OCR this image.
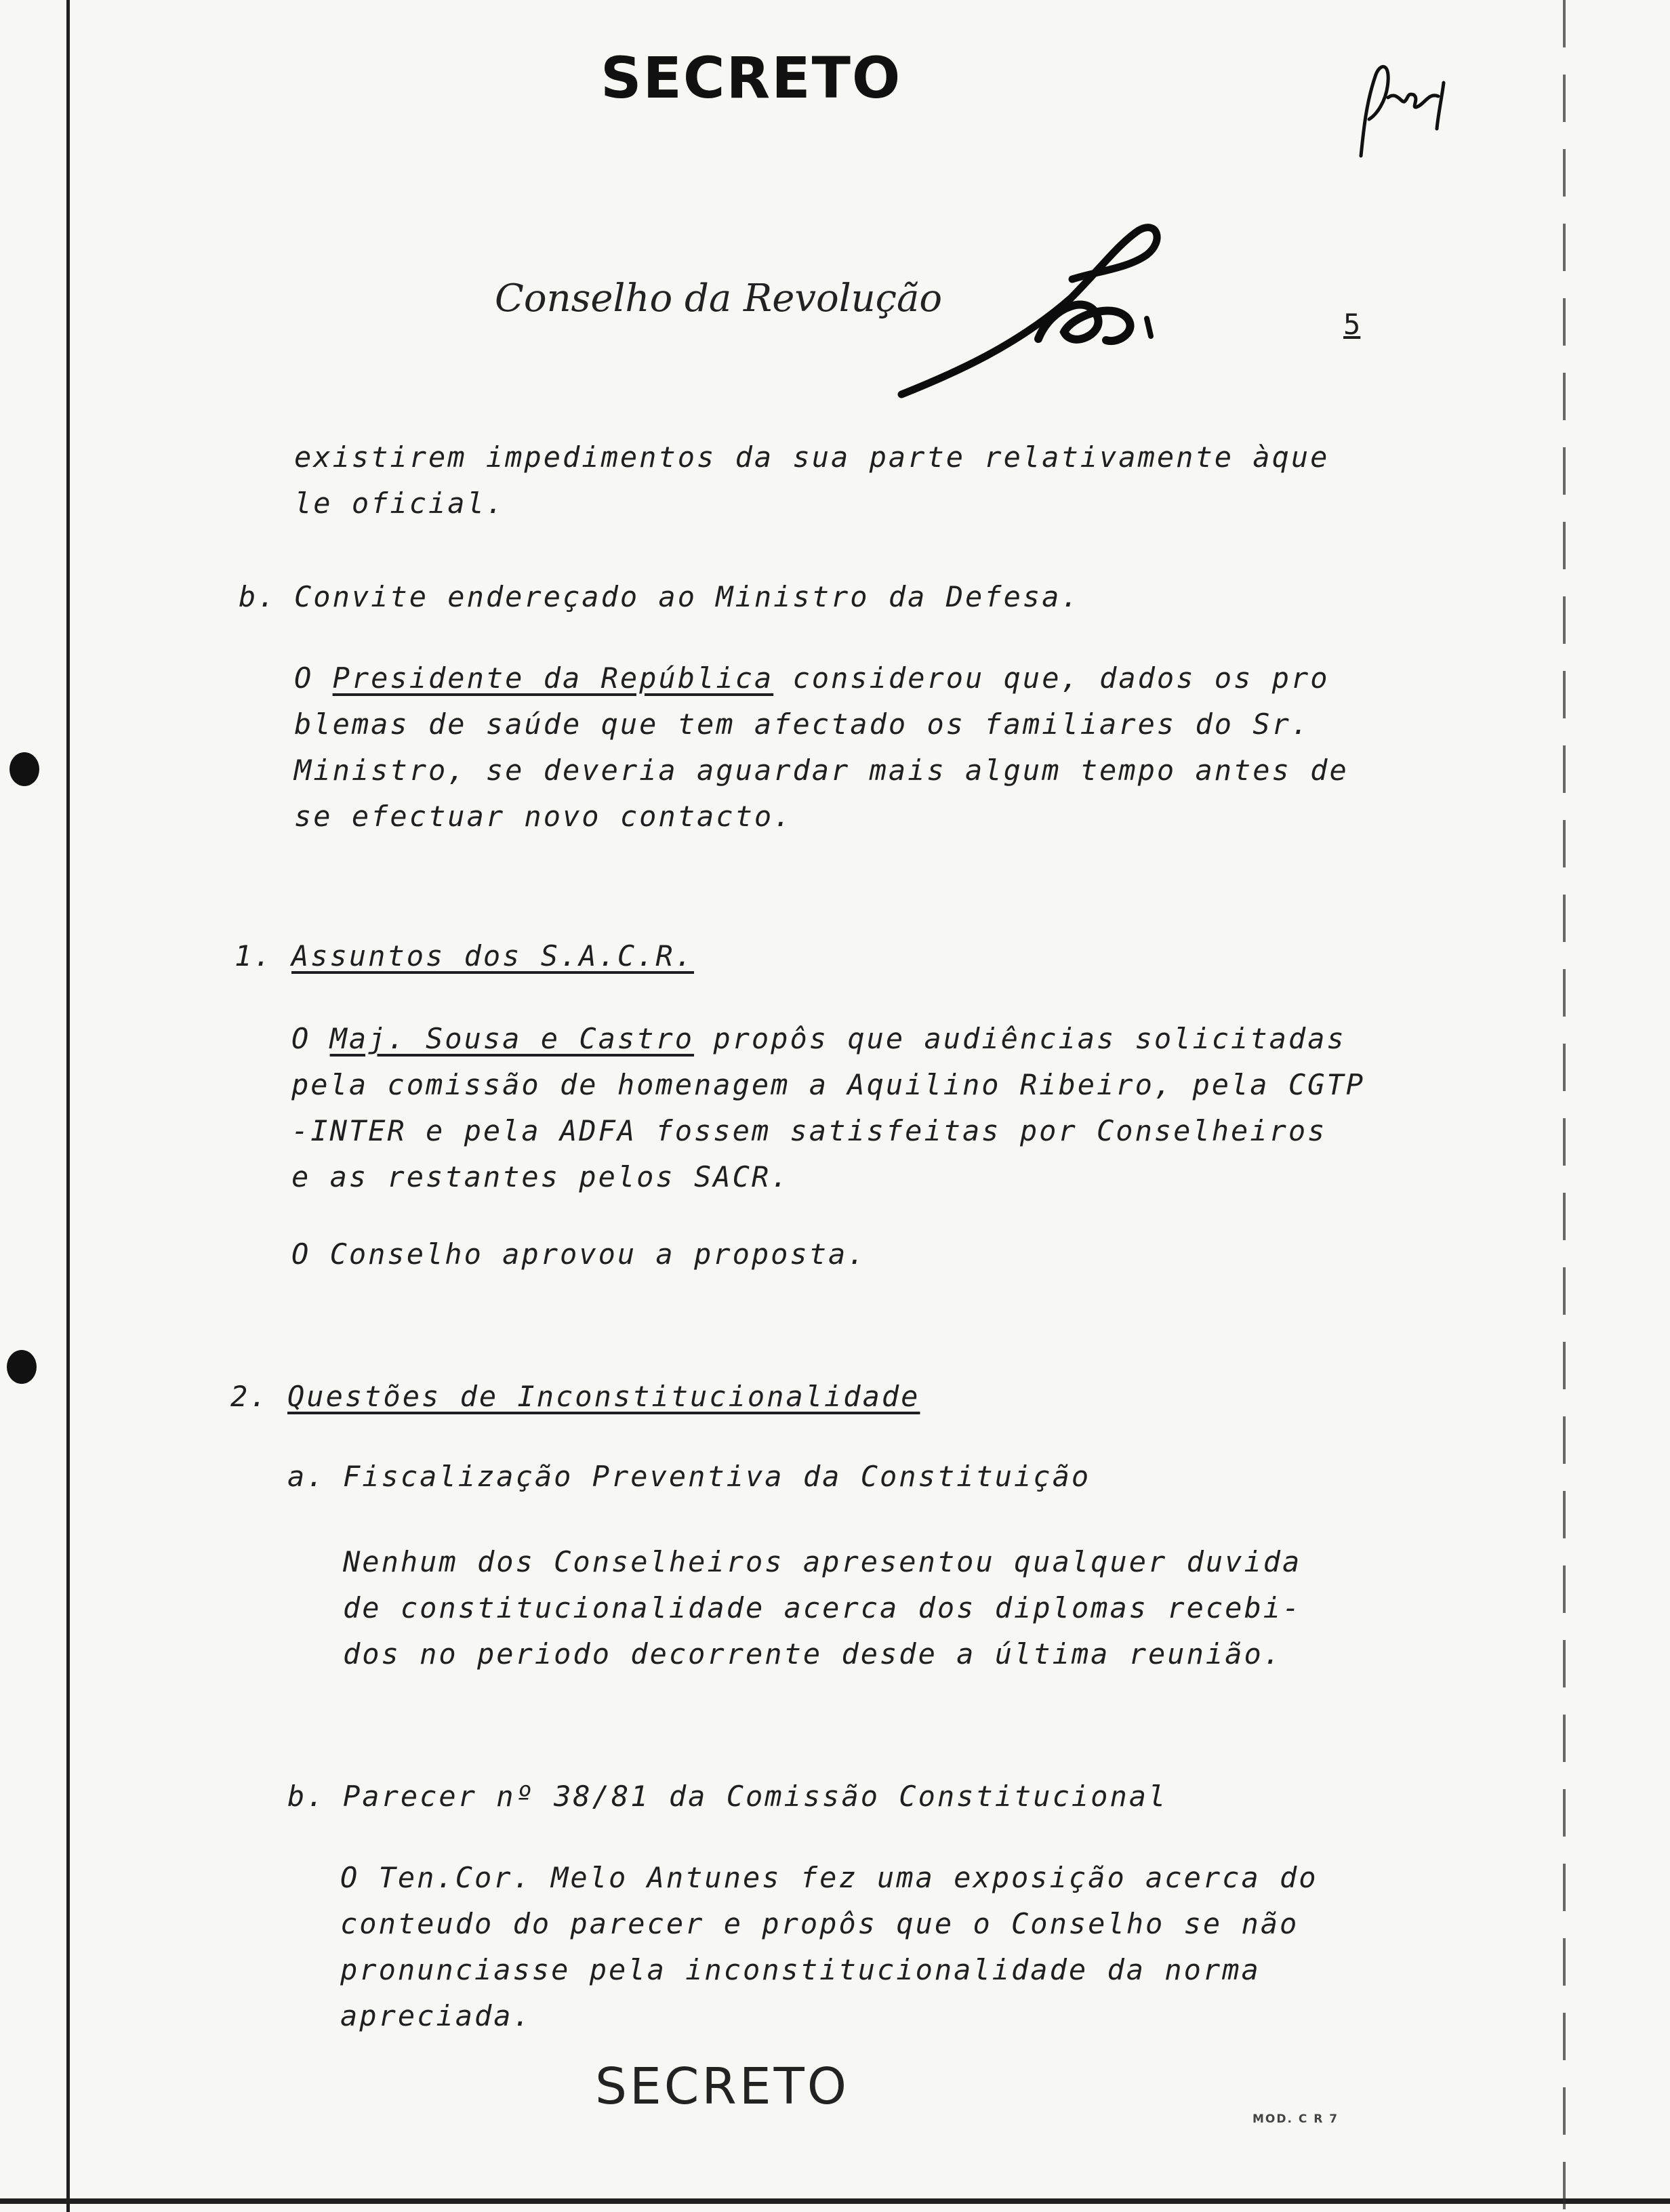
SECRETO
Conselho da Revolução
5
existirem impedimentos da sua parte relativamente àque
le oficial.
b. Convite endereçado ao Ministro da Defesa.
O Presidente da República considerou que, dados os pro
blemas de saúde que tem afectado os familiares do Sr.
Ministro, se deveria aguardar mais algum tempo antes de
se efectuar novo contacto.
1. Assuntos dos S.A.C.R.
O Maj. Sousa e Castro propôs que audiências solicitadas
pela comissão de homenagem a Aquilino Ribeiro, pela CGTP
-INTER e pela ADFA fossem satisfeitas por Conselheiros
e as restantes pelos SACR.
O Conselho aprovou a proposta.
2. Questões de Inconstitucionalidade
a. Fiscalização Preventiva da Constituição
Nenhum dos Conselheiros apresentou qualquer duvida
de constitucionalidade acerca dos diplomas recebi-
dos no periodo decorrente desde a última reunião.
b. Parecer nº 38/81 da Comissão Constitucional
O Ten.Cor. Melo Antunes fez uma exposição acerca do
conteudo do parecer e propôs que o Conselho se não
pronunciasse pela inconstitucionalidade da norma
apreciada.
SECRETO
MOD. C R 7
